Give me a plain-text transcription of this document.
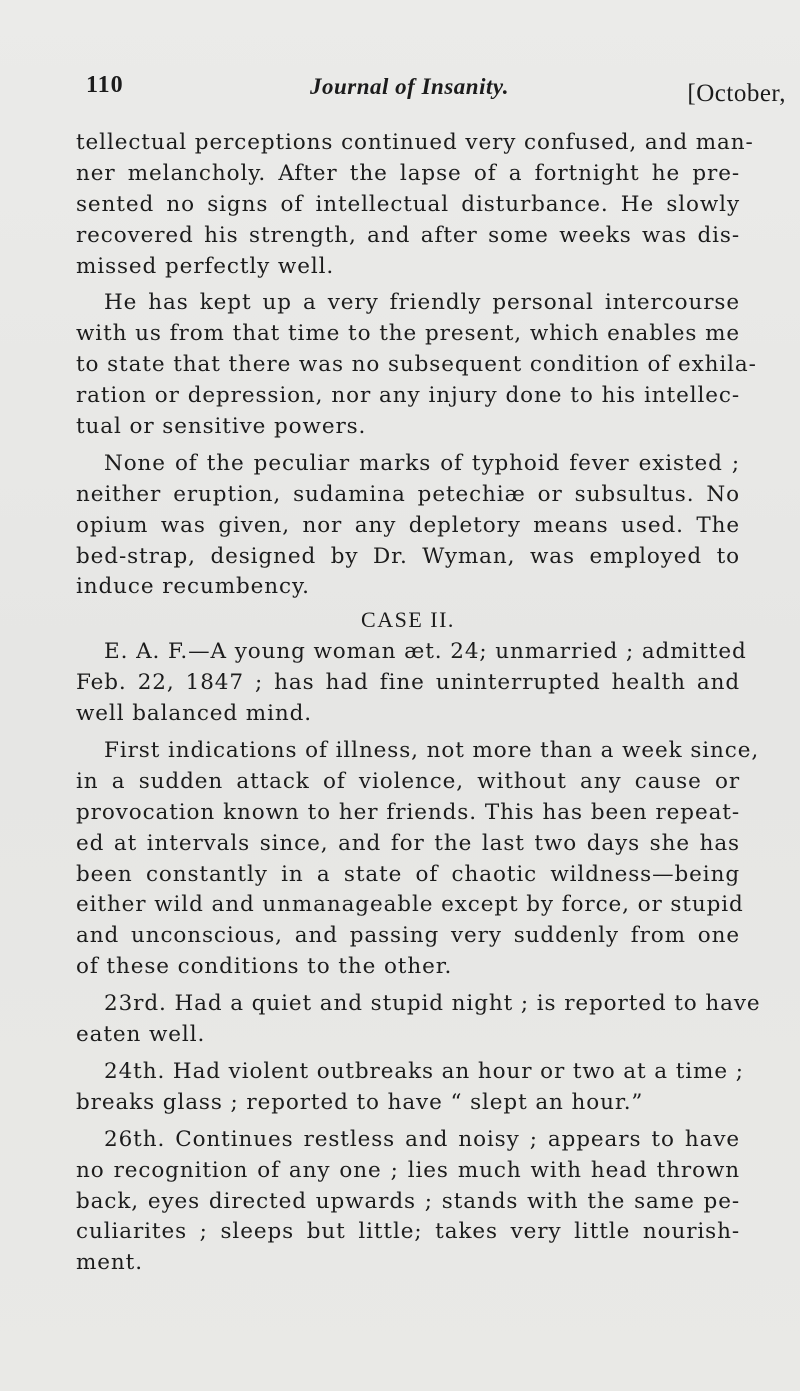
110	Journal of Insanity.	[October,
tellectual perceptions continued very confused, and man-
ner melancholy. After the lapse of a fortnight he pre-
sented no signs of intellectual disturbance. He slowly
recovered his strength, and after some weeks was dis-
missed perfectly well.
He has kept up a very friendly personal intercourse
with us from that time to the present, which enables me
to state that there was no subsequent condition of exhila-
ration or depression, nor any injury done to his intellec-
tual or sensitive powers.
None of the peculiar marks of typhoid fever existed ;
neither eruption, sudamina petechiæ or subsultus. No
opium was given, nor any depletory means used. The
bed-strap, designed by Dr. Wyman, was employed to
induce recumbency.
CASE II.
E. A. F.—A young woman æt. 24; unmarried ; admitted
Feb. 22, 1847 ; has had fine uninterrupted health and
well balanced mind.
First indications of illness, not more than a week since,
in a sudden attack of violence, without any cause or
provocation known to her friends. This has been repeat-
ed at intervals since, and for the last two days she has
been constantly in a state of chaotic wildness—being
either wild and unmanageable except by force, or stupid
and unconscious, and passing very suddenly from one
of these conditions to the other.
23rd. Had a quiet and stupid night ; is reported to have
eaten well.
24th. Had violent outbreaks an hour or two at a time ;
breaks glass ; reported to have “ slept an hour.”
26th. Continues restless and noisy ; appears to have
no recognition of any one ; lies much with head thrown
back, eyes directed upwards ; stands with the same pe-
culiarites ; sleeps but little; takes very little nourish-
ment.
